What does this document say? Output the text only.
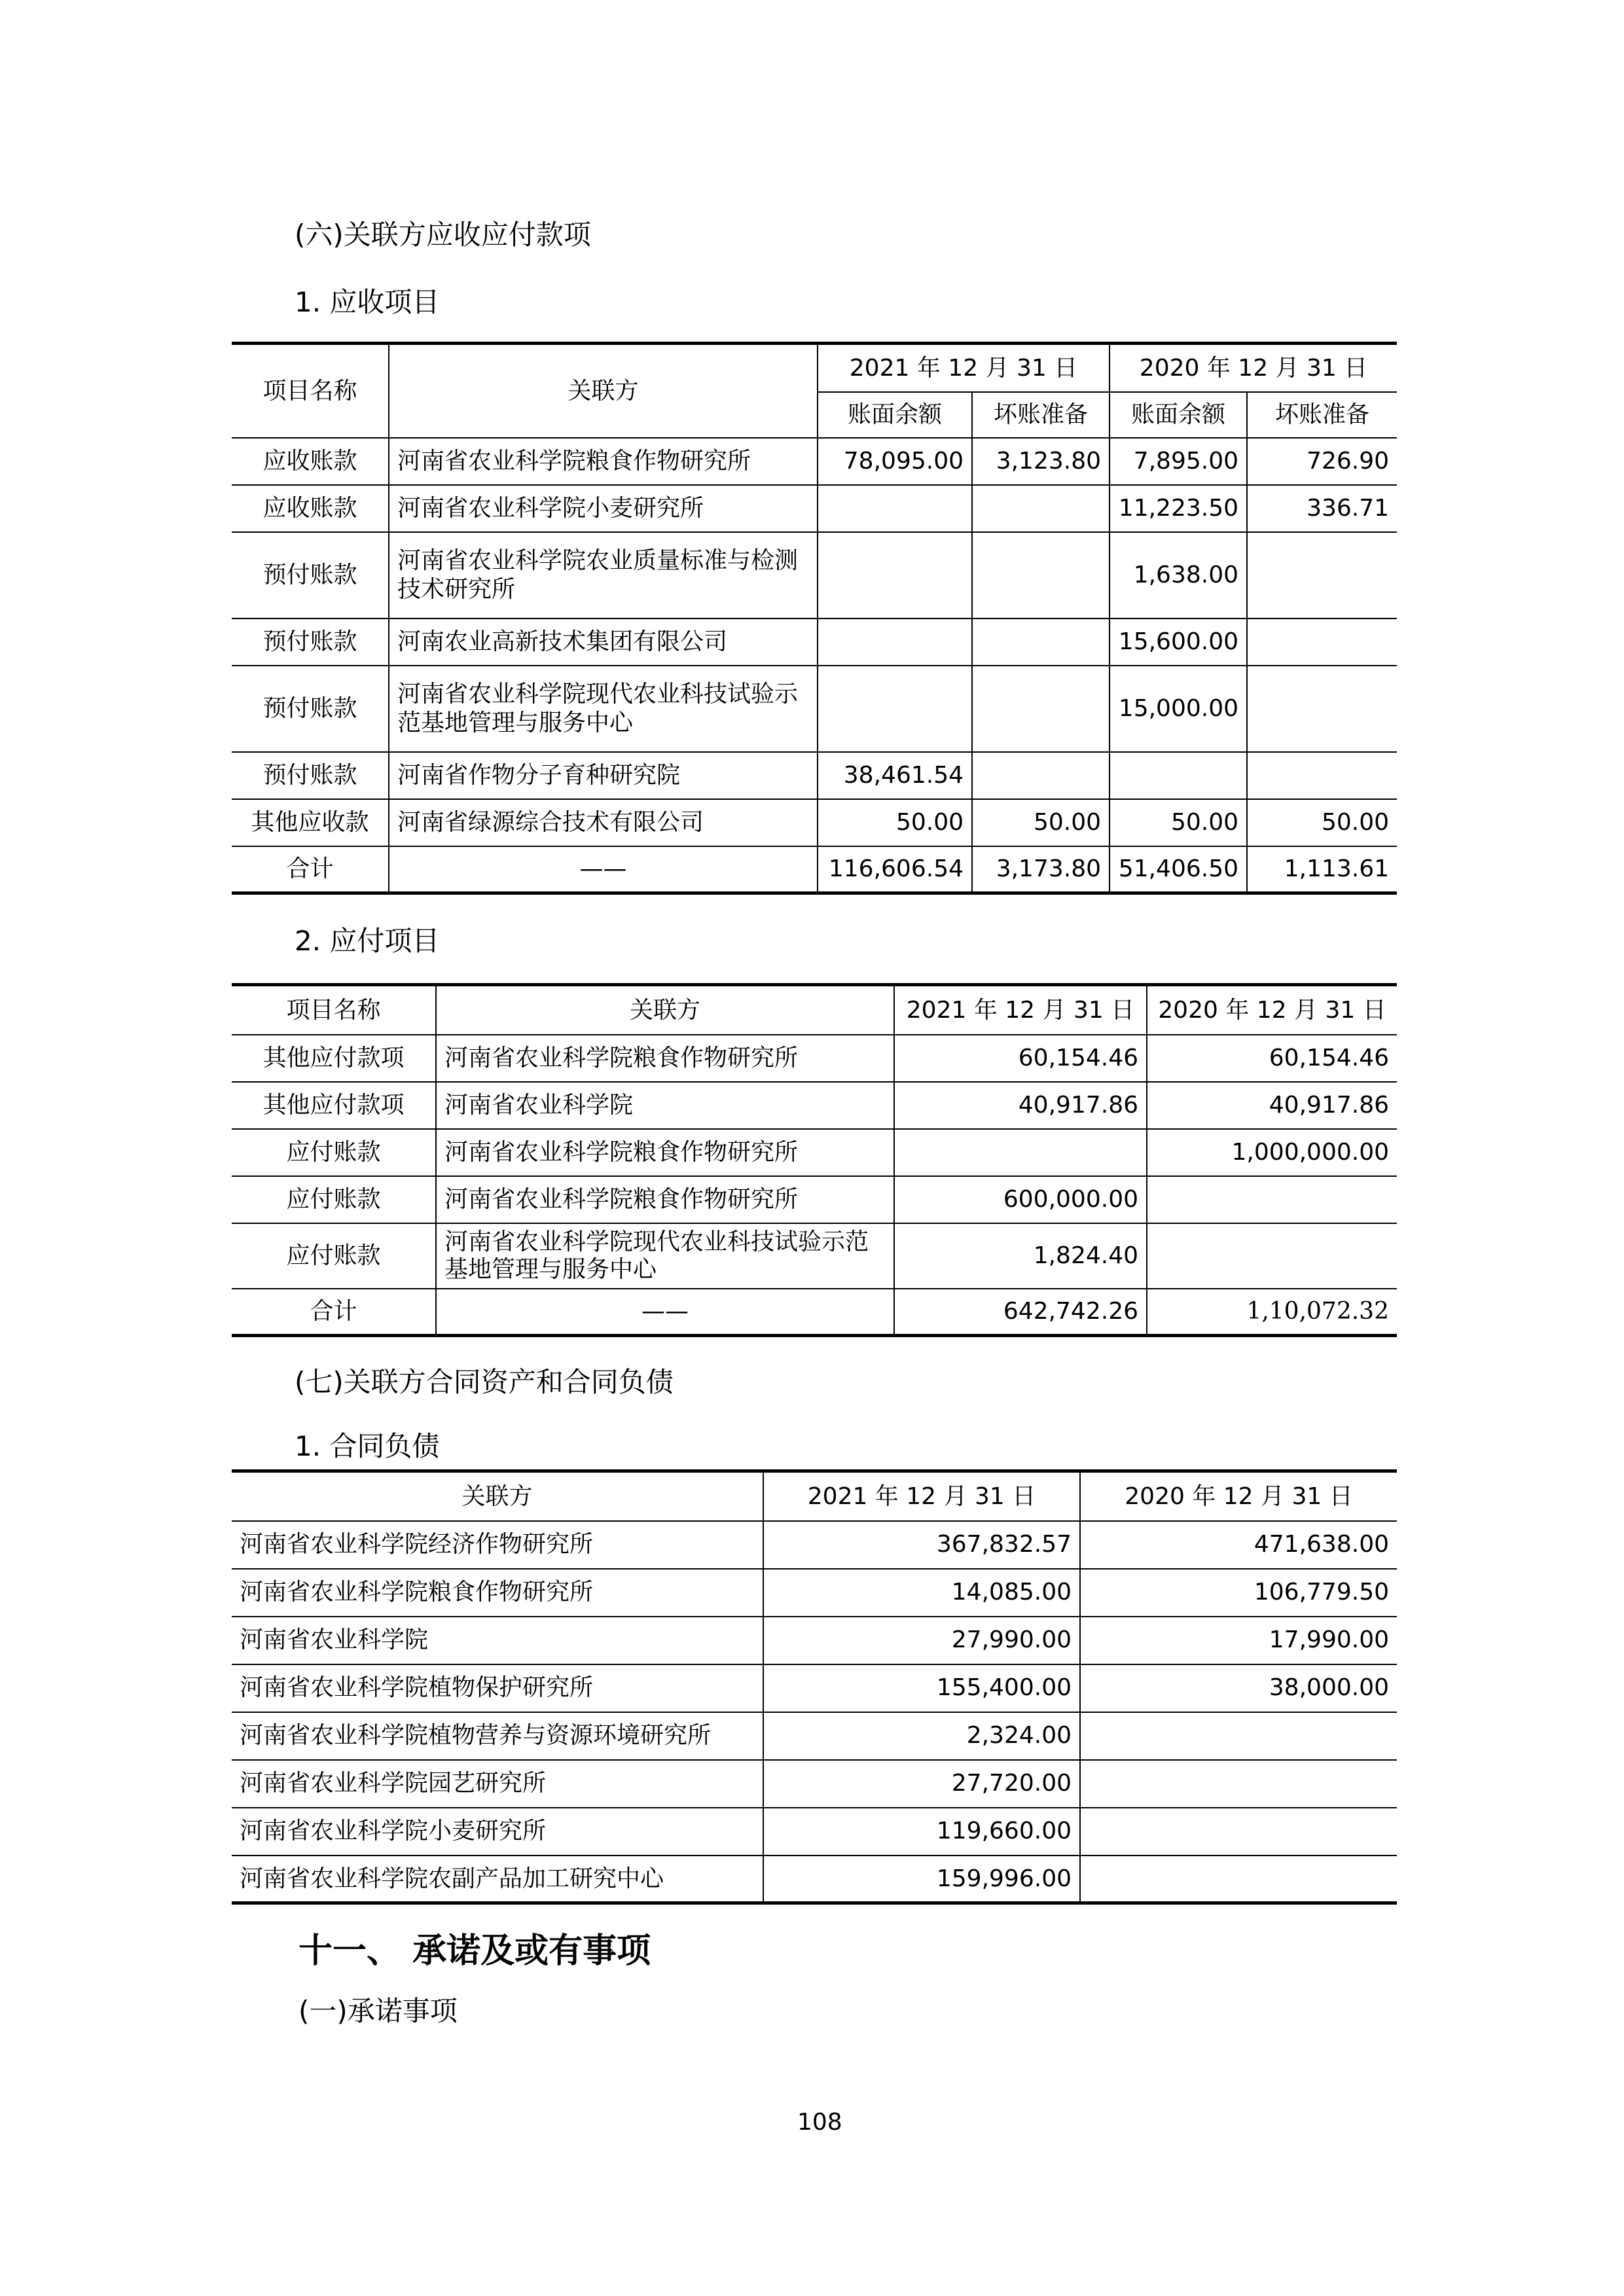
(六)关联方应收应付款项
1. 应收项目
项目名称	关联方	2021 年 12 月 31 日		2020 年 12 月 31 日	
		账面余额	坏账准备	账面余额	坏账准备
应收账款	河南省农业科学院粮食作物研究所	78,095.00	3,123.80	7,895.00	726.90
应收账款	河南省农业科学院小麦研究所			11,223.50	336.71
预付账款	河南省农业科学院农业质量标准与检测技术研究所			1,638.00	
预付账款	河南农业高新技术集团有限公司			15,600.00	
预付账款	河南省农业科学院现代农业科技试验示范基地管理与服务中心			15,000.00	
预付账款	河南省作物分子育种研究院	38,461.54			
其他应收款	河南省绿源综合技术有限公司	50.00	50.00	50.00	50.00
合计	——	116,606.54	3,173.80	51,406.50	1,113.61
2. 应付项目
项目名称	关联方	2021 年 12 月 31 日	2020 年 12 月 31 日
其他应付款项	河南省农业科学院粮食作物研究所	60,154.46	60,154.46
其他应付款项	河南省农业科学院	40,917.86	40,917.86
应付账款	河南省农业科学院粮食作物研究所		1,000,000.00
应付账款	河南省农业科学院粮食作物研究所	600,000.00	
应付账款	河南省农业科学院现代农业科技试验示范基地管理与服务中心	1,824.40	
合计	——	642,742.26	1,10,072.32
(七)关联方合同资产和合同负债
1. 合同负债
关联方	2021 年 12 月 31 日	2020 年 12 月 31 日
河南省农业科学院经济作物研究所	367,832.57	471,638.00
河南省农业科学院粮食作物研究所	14,085.00	106,779.50
河南省农业科学院	27,990.00	17,990.00
河南省农业科学院植物保护研究所	155,400.00	38,000.00
河南省农业科学院植物营养与资源环境研究所	2,324.00	
河南省农业科学院园艺研究所	27,720.00	
河南省农业科学院小麦研究所	119,660.00	
河南省农业科学院农副产品加工研究中心	159,996.00	
十一、 承诺及或有事项
(一)承诺事项
108
